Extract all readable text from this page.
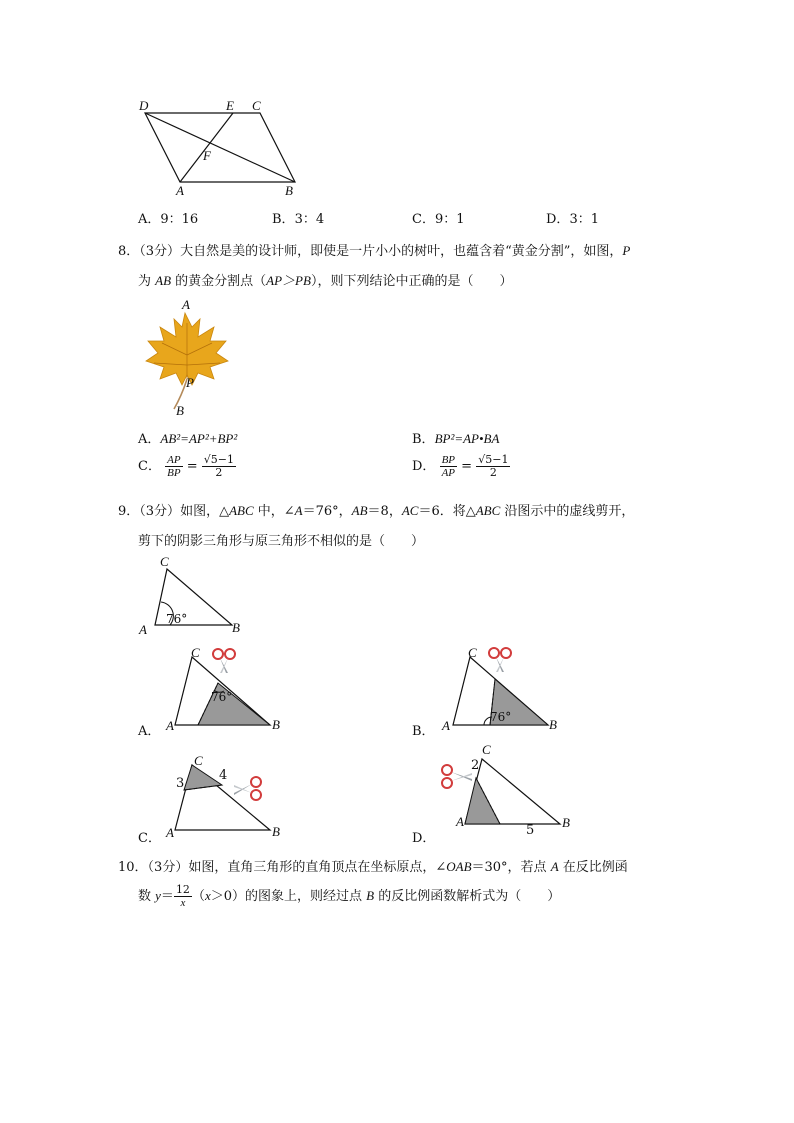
D	E C
F
A	B
A．9：16	B．3：4	C．9：1	D．3：1
8．（3分）大自然是美的设计师，即使是一片小小的树叶，也蕴含着“黄金分割”，如图，P
为 AB 的黄金分割点（AP＞PB），则下列结论中正确的是（　　）
A
P
B
A．AB²=AP²+BP²	B．BP²=AP•BA
C． $\frac{AP}{BP} = \frac{√5-1}{2}$	D． $\frac{BP}{AP} = \frac{√5-1}{2}$
9．（3分）如图，△ABC 中，∠A＝76°，AB＝8，AC＝6．将△ABC 沿图示中的虚线剪开，
剪下的阴影三角形与原三角形不相似的是（　　）
C
A	B
76°
C
A	B
76°
A．
C
A	B
76°
B．
C
A	B
3
4
C．
C
A	B
2
5
D．
10．（3分）如图，直角三角形的直角顶点在坐标原点，∠OAB＝30°，若点 A 在反比例函
数 $y= \frac{12}{x} (x>0)$的图象上，则经过点 B 的反比例函数解析式为（　　）
